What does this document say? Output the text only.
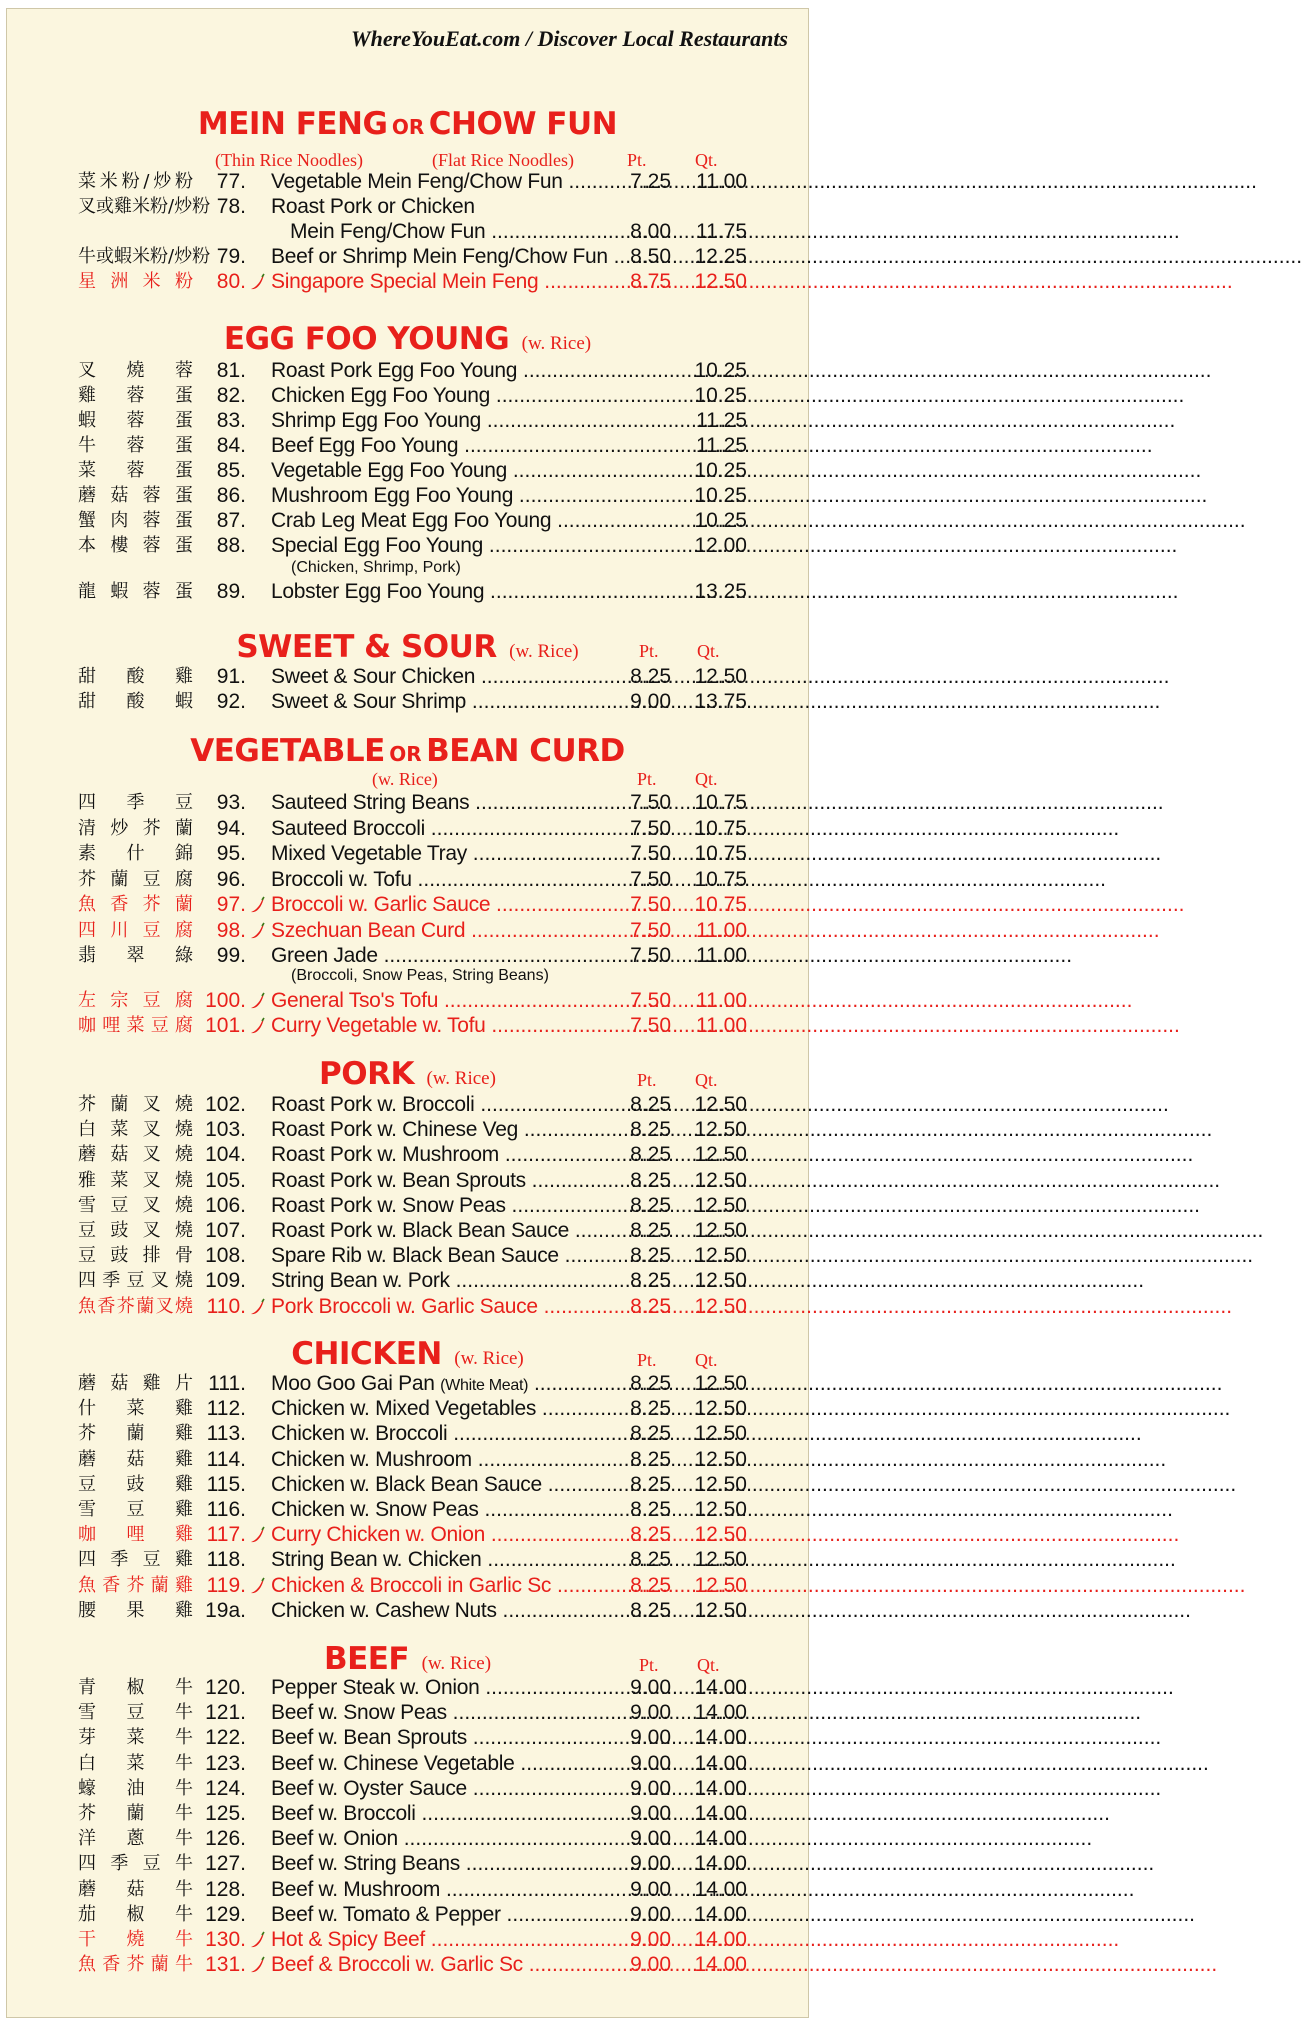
WhereYouEat.com / Discover Local Restaurants
MEIN FENG OR CHOW FUN
(Thin Rice Noodles)	(Flat Rice Noodles)	Pt.	Qt.
菜米粉/炒粉	77. Vegetable Mein Feng/Chow Fun .....	7.25	11.00
叉或雞米粉/炒粉 78. Roast Pork or Chicken
Mein Feng/Chow Fun .....	8.00	11.75
牛或蝦米粉/炒粉 79. Beef or Shrimp Mein Feng/Chow Fun .....	8.50	12.25
星洲米粉	80. Singapore Special Mein Feng .....	8.75	12.50
EGG FOO YOUNG (w. Rice)
叉燒蓉	81. Roast Pork Egg Foo Young .....	10.25
雞蓉蛋	82. Chicken Egg Foo Young .....	10.25
蝦蓉蛋	83. Shrimp Egg Foo Young .....	11.25
牛蓉蛋	84. Beef Egg Foo Young .....	11.25
菜蓉蛋	85. Vegetable Egg Foo Young .....	10.25
蘑菇蓉蛋	86. Mushroom Egg Foo Young .....	10.25
蟹肉蓉蛋	87. Crab Leg Meat Egg Foo Young .....	10.25
本樓蓉蛋	88. Special Egg Foo Young .....	12.00
(Chicken, Shrimp, Pork)
龍蝦蓉蛋	89. Lobster Egg Foo Young .....	13.25
SWEET & SOUR (w. Rice)	Pt. Qt.
甜酸雞	91. Sweet & Sour Chicken .....	8.25	12.50
甜酸蝦	92. Sweet & Sour Shrimp .....	9.00	13.75
VEGETABLE OR BEAN CURD
(w. Rice)	Pt. Qt.
四季豆	93. Sauteed String Beans .....	7.50	10.75
清炒芥蘭	94. Sauteed Broccoli .....	7.50	10.75
素什錦	95. Mixed Vegetable Tray .....	7.50	10.75
芥蘭豆腐	96. Broccoli w. Tofu .....	7.50	10.75
魚香芥蘭	97. Broccoli w. Garlic Sauce .....	7.50	10.75
四川豆腐	98. Szechuan Bean Curd .....	7.50	11.00
翡翠綠	99. Green Jade .....	7.50	11.00
(Broccoli, Snow Peas, String Beans)
左宗豆腐 100. General Tso's Tofu .....	7.50	11.00
咖哩菜豆腐 101. Curry Vegetable w. Tofu .....	7.50	11.00
PORK (w. Rice)	Pt. Qt.
芥蘭叉燒 102. Roast Pork w. Broccoli .....	8.25	12.50
白菜叉燒 103. Roast Pork w. Chinese Veg .....	8.25	12.50
蘑菇叉燒 104. Roast Pork w. Mushroom .....	8.25	12.50
雅菜叉燒 105. Roast Pork w. Bean Sprouts .....	8.25	12.50
雪豆叉燒 106. Roast Pork w. Snow Peas .....	8.25	12.50
豆豉叉燒 107. Roast Pork w. Black Bean Sauce .....	8.25	12.50
豆豉排骨 108. Spare Rib w. Black Bean Sauce .....	8.25	12.50
四季豆叉燒 109. String Bean w. Pork .....	8.25	12.50
魚香芥蘭叉燒 110. Pork Broccoli w. Garlic Sauce .....	8.25	12.50
CHICKEN (w. Rice)	Pt. Qt.
蘑菇雞片 111. Moo Goo Gai Pan (White Meat) .....	8.25	12.50
什菜雞 112. Chicken w. Mixed Vegetables .....	8.25	12.50
芥蘭雞 113. Chicken w. Broccoli .....	8.25	12.50
蘑菇雞 114. Chicken w. Mushroom .....	8.25	12.50
豆豉雞 115. Chicken w. Black Bean Sauce .....	8.25	12.50
雪豆雞 116. Chicken w. Snow Peas .....	8.25	12.50
咖哩雞 117. Curry Chicken w. Onion .....	8.25	12.50
四季豆雞 118. String Bean w. Chicken .....	8.25	12.50
魚香芥蘭雞 119. Chicken & Broccoli in Garlic Sc .....	8.25	12.50
腰果雞 19a. Chicken w. Cashew Nuts .....	8.25	12.50
BEEF (w. Rice)	Pt. Qt.
青椒牛 120. Pepper Steak w. Onion .....	9.00	14.00
雪豆牛 121. Beef w. Snow Peas .....	9.00	14.00
芽菜牛 122. Beef w. Bean Sprouts .....	9.00	14.00
白菜牛 123. Beef w. Chinese Vegetable .....	9.00	14.00
蠔油牛 124. Beef w. Oyster Sauce .....	9.00	14.00
芥蘭牛 125. Beef w. Broccoli .....	9.00	14.00
洋蔥牛 126. Beef w. Onion .....	9.00	14.00
四季豆牛 127. Beef w. String Beans .....	9.00	14.00
蘑菇牛 128. Beef w. Mushroom .....	9.00	14.00
茄椒牛 129. Beef w. Tomato & Pepper .....	9.00	14.00
干燒牛 130. Hot & Spicy Beef .....	9.00	14.00
魚香芥蘭牛 131. Beef & Broccoli w. Garlic Sc .....	9.00	14.00
